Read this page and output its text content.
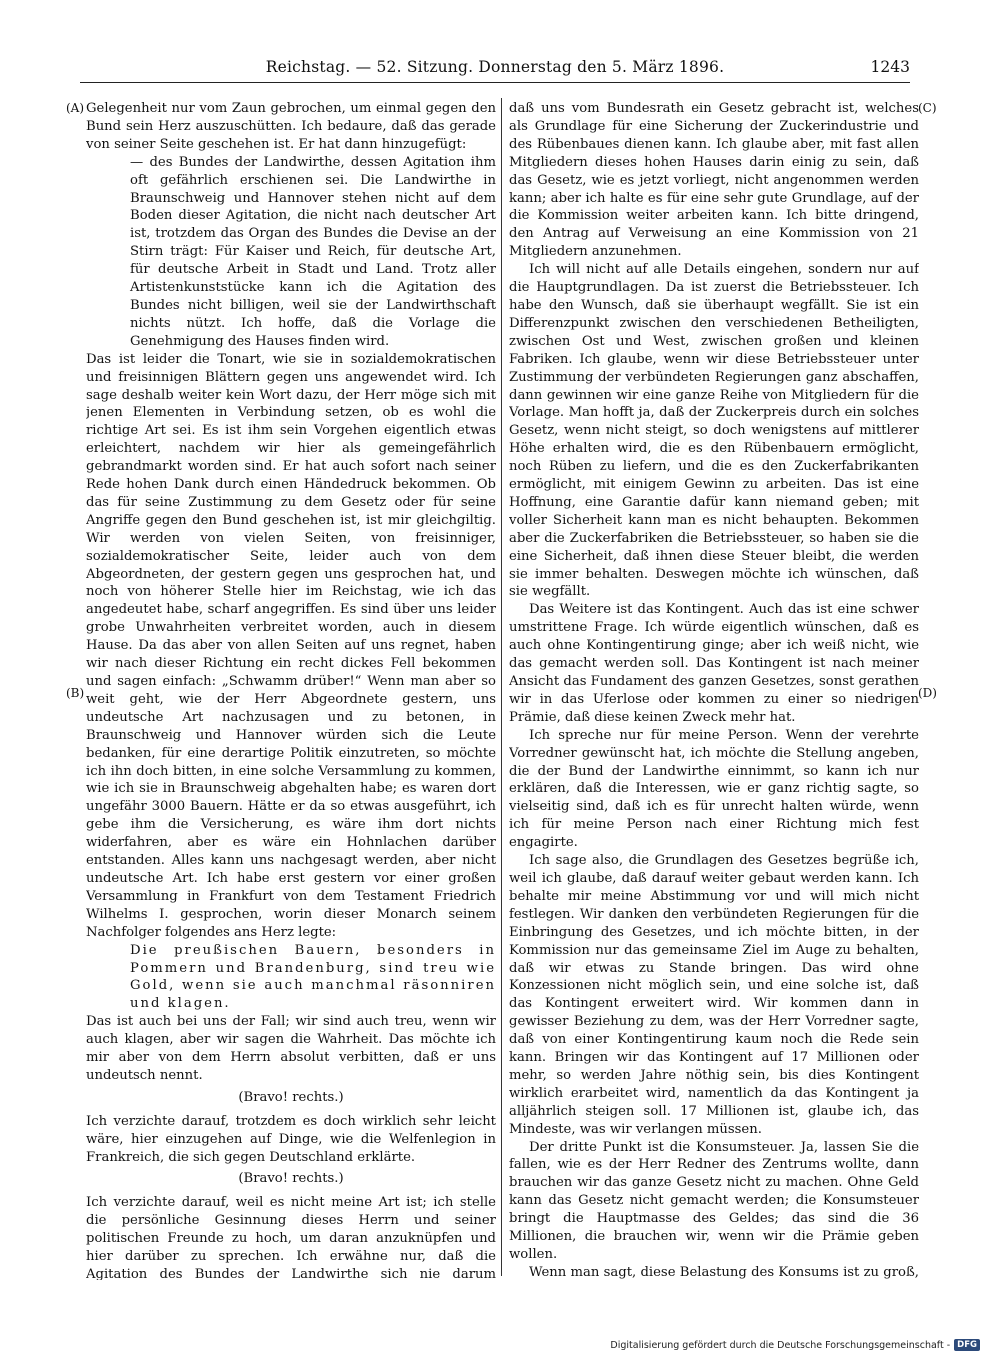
Reichstag. — 52. Sitzung. Donnerstag den 5. März 1896.	1243
(A)
(B)
(C)
(D)

Gelegenheit nur vom Zaun gebrochen, um einmal gegen den Bund sein Herz auszuschütten. Ich bedaure, daß das gerade von seiner Seite geschehen ist. Er hat dann hinzugefügt:

— des Bundes der Landwirthe, dessen Agitation ihm oft gefährlich erschienen sei. Die Landwirthe in Braunschweig und Hannover stehen nicht auf dem Boden dieser Agitation, die nicht nach deutscher Art ist, trotzdem das Organ des Bundes die Devise an der Stirn trägt: Für Kaiser und Reich, für deutsche Art, für deutsche Arbeit in Stadt und Land. Trotz aller Artistenkunststücke kann ich die Agitation des Bundes nicht billigen, weil sie der Landwirthschaft nichts nützt. Ich hoffe, daß die Vorlage die Genehmigung des Hauses finden wird.

Das ist leider die Tonart, wie sie in sozialdemokratischen und freisinnigen Blättern gegen uns angewendet wird. Ich sage deshalb weiter kein Wort dazu, der Herr möge sich mit jenen Elementen in Verbindung setzen, ob es wohl die richtige Art sei. Es ist ihm sein Vorgehen eigentlich etwas erleichtert, nachdem wir hier als gemeingefährlich gebrandmarkt worden sind. Er hat auch sofort nach seiner Rede hohen Dank durch einen Händedruck bekommen. Ob das für seine Zustimmung zu dem Gesetz oder für seine Angriffe gegen den Bund geschehen ist, ist mir gleichgiltig. Wir werden von vielen Seiten, von freisinniger, sozialdemokratischer Seite, leider auch von dem Abgeordneten, der gestern gegen uns gesprochen hat, und noch von höherer Stelle hier im Reichstag, wie ich das angedeutet habe, scharf angegriffen. Es sind über uns leider grobe Unwahrheiten verbreitet worden, auch in diesem Hause. Da das aber von allen Seiten auf uns regnet, haben wir nach dieser Richtung ein recht dickes Fell bekommen und sagen einfach: „Schwamm drüber!“ Wenn man aber so weit geht, wie der Herr Abgeordnete gestern, uns undeutsche Art nachzusagen und zu betonen, in Braunschweig und Hannover würden sich die Leute bedanken, für eine derartige Politik einzutreten, so möchte ich ihn doch bitten, in eine solche Versammlung zu kommen, wie ich sie in Braunschweig abgehalten habe; es waren dort ungefähr 3000 Bauern. Hätte er da so etwas ausgeführt, ich gebe ihm die Versicherung, es wäre ihm dort nichts widerfahren, aber es wäre ein Hohnlachen darüber entstanden. Alles kann uns nachgesagt werden, aber nicht undeutsche Art. Ich habe erst gestern vor einer großen Versammlung in Frankfurt von dem Testament Friedrich Wilhelms I. gesprochen, worin dieser Monarch seinem Nachfolger folgendes ans Herz legte:

Die preußischen Bauern, besonders in Pommern und Brandenburg, sind treu wie Gold, wenn sie auch manchmal räsonniren und klagen.

Das ist auch bei uns der Fall; wir sind auch treu, wenn wir auch klagen, aber wir sagen die Wahrheit. Das möchte ich mir aber von dem Herrn absolut verbitten, daß er uns undeutsch nennt.

(Bravo! rechts.)

Ich verzichte darauf, trotzdem es doch wirklich sehr leicht wäre, hier einzugehen auf Dinge, wie die Welfenlegion in Frankreich, die sich gegen Deutschland erklärte.

(Bravo! rechts.)

Ich verzichte darauf, weil es nicht meine Art ist; ich stelle die persönliche Gesinnung dieses Herrn und seiner politischen Freunde zu hoch, um daran anzuknüpfen und hier darüber zu sprechen. Ich erwähne nur, daß die Agitation des Bundes der Landwirthe sich nie darum

daß uns vom Bundesrath ein Gesetz gebracht ist, welches als Grundlage für eine Sicherung der Zuckerindustrie und des Rübenbaues dienen kann. Ich glaube aber, mit fast allen Mitgliedern dieses hohen Hauses darin einig zu sein, daß das Gesetz, wie es jetzt vorliegt, nicht angenommen werden kann; aber ich halte es für eine sehr gute Grundlage, auf der die Kommission weiter arbeiten kann. Ich bitte dringend, den Antrag auf Verweisung an eine Kommission von 21 Mitgliedern anzunehmen.

Ich will nicht auf alle Details eingehen, sondern nur auf die Hauptgrundlagen. Da ist zuerst die Betriebssteuer. Ich habe den Wunsch, daß sie überhaupt wegfällt. Sie ist ein Differenzpunkt zwischen den verschiedenen Betheiligten, zwischen Ost und West, zwischen großen und kleinen Fabriken. Ich glaube, wenn wir diese Betriebssteuer unter Zustimmung der verbündeten Regierungen ganz abschaffen, dann gewinnen wir eine ganze Reihe von Mitgliedern für die Vorlage. Man hofft ja, daß der Zuckerpreis durch ein solches Gesetz, wenn nicht steigt, so doch wenigstens auf mittlerer Höhe erhalten wird, die es den Rübenbauern ermöglicht, noch Rüben zu liefern, und die es den Zuckerfabrikanten ermöglicht, mit einigem Gewinn zu arbeiten. Das ist eine Hoffnung, eine Garantie dafür kann niemand geben; mit voller Sicherheit kann man es nicht behaupten. Bekommen aber die Zuckerfabriken die Betriebssteuer, so haben sie die eine Sicherheit, daß ihnen diese Steuer bleibt, die werden sie immer behalten. Deswegen möchte ich wünschen, daß sie wegfällt.

Das Weitere ist das Kontingent. Auch das ist eine schwer umstrittene Frage. Ich würde eigentlich wünschen, daß es auch ohne Kontingentirung ginge; aber ich weiß nicht, wie das gemacht werden soll. Das Kontingent ist nach meiner Ansicht das Fundament des ganzen Gesetzes, sonst gerathen wir in das Uferlose oder kommen zu einer so niedrigen Prämie, daß diese keinen Zweck mehr hat.

Ich spreche nur für meine Person. Wenn der verehrte Vorredner gewünscht hat, ich möchte die Stellung angeben, die der Bund der Landwirthe einnimmt, so kann ich nur erklären, daß die Interessen, wie er ganz richtig sagte, so vielseitig sind, daß ich es für unrecht halten würde, wenn ich für meine Person nach einer Richtung mich fest engagirte.

Ich sage also, die Grundlagen des Gesetzes begrüße ich, weil ich glaube, daß darauf weiter gebaut werden kann. Ich behalte mir meine Abstimmung vor und will mich nicht festlegen. Wir danken den verbündeten Regierungen für die Einbringung des Gesetzes, und ich möchte bitten, in der Kommission nur das gemeinsame Ziel im Auge zu behalten, daß wir etwas zu Stande bringen. Das wird ohne Konzessionen nicht möglich sein, und eine solche ist, daß das Kontingent erweitert wird. Wir kommen dann in gewisser Beziehung zu dem, was der Herr Vorredner sagte, daß von einer Kontingentirung kaum noch die Rede sein kann. Bringen wir das Kontingent auf 17 Millionen oder mehr, so werden Jahre nöthig sein, bis dies Kontingent wirklich erarbeitet wird, namentlich da das Kontingent ja alljährlich steigen soll. 17 Millionen ist, glaube ich, das Mindeste, was wir verlangen müssen.

Der dritte Punkt ist die Konsumsteuer. Ja, lassen Sie die fallen, wie es der Herr Redner des Zentrums wollte, dann brauchen wir das ganze Gesetz nicht zu machen. Ohne Geld kann das Gesetz nicht gemacht werden; die Konsumsteuer bringt die Hauptmasse des Geldes; das sind die 36 Millionen, die brauchen wir, wenn wir die Prämie geben wollen.

Wenn man sagt, diese Belastung des Konsums ist zu groß,

Digitalisierung gefördert durch die Deutsche Forschungsgemeinschaft - DFG
